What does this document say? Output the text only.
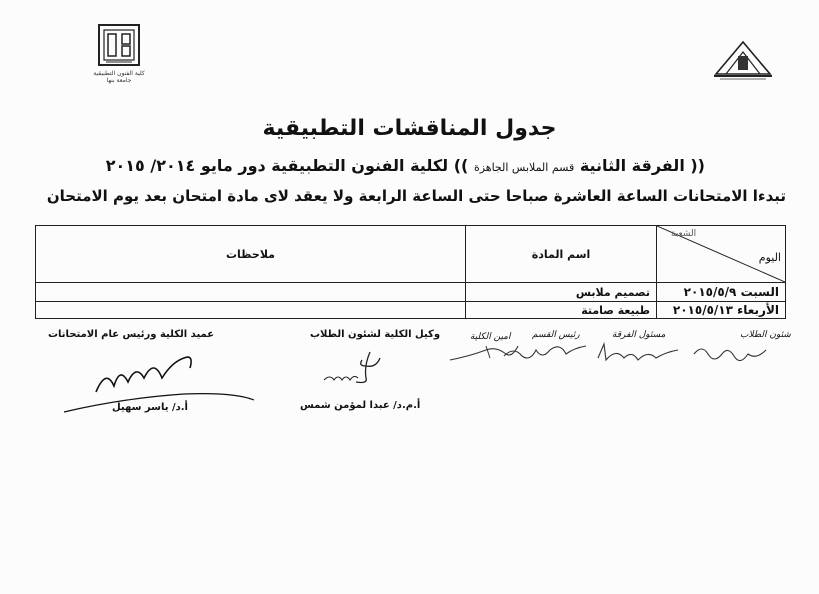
كلية الفنون التطبيقية
جامعة بنها
جدول المناقشات التطبيقية
(( الفرقة الثانية قسم الملابس الجاهزة )) لكلية الفنون التطبيقية دور مايو ٢٠١٤/ ٢٠١٥
تبدءا الامتحانات الساعة العاشرة صباحا حتى الساعة الرابعة ولا يعقد لاى مادة امتحان بعد يوم الامتحان
الشعبة
اليوم	اسم المادة	ملاحظات
السبت ٢٠١٥/٥/٩	تصميم ملابس	
الأربعاء ٢٠١٥/٥/١٣	طبيعة صامتة	
شئون الطلاب
مسئول الفرقة
رئيس القسم
امين الكلية
وكيل الكلية لشئون الطلاب
عميد الكلية ورئيس عام الامتحانات
أ.م.د/ عبدا لمؤمن شمس
أ.د/ ياسر سهيل
